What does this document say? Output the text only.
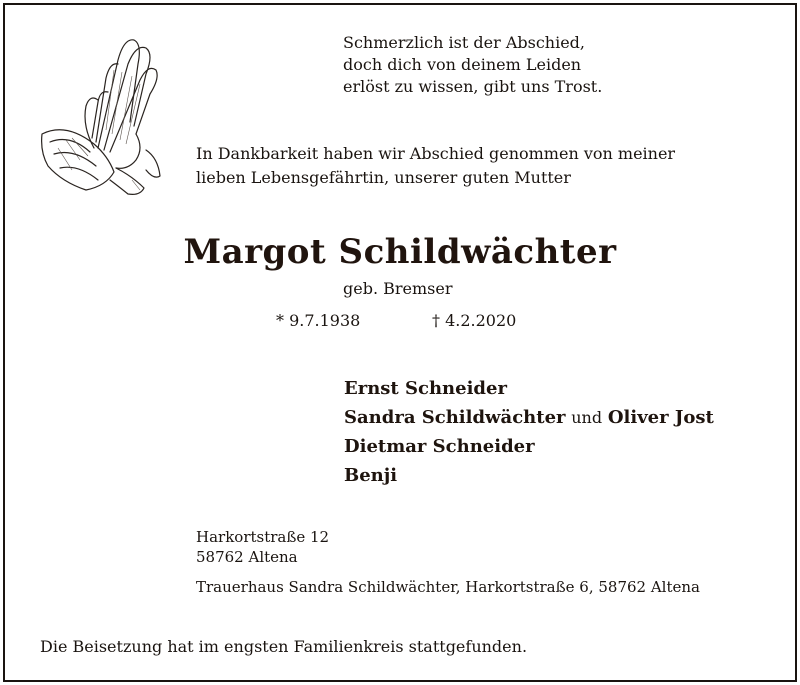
Schmerzlich ist der Abschied,
doch dich von deinem Leiden
erlöst zu wissen, gibt uns Trost.
In Dankbarkeit haben wir Abschied genommen von meiner
lieben Lebensgefährtin, unserer guten Mutter
Margot Schildwächter
geb. Bremser
* 9.7.1938	† 4.2.2020
Ernst Schneider
Sandra Schildwächter und Oliver Jost
Dietmar Schneider
Benji
Harkortstraße 12
58762 Altena
Trauerhaus Sandra Schildwächter, Harkortstraße 6, 58762 Altena
Die Beisetzung hat im engsten Familienkreis stattgefunden.
